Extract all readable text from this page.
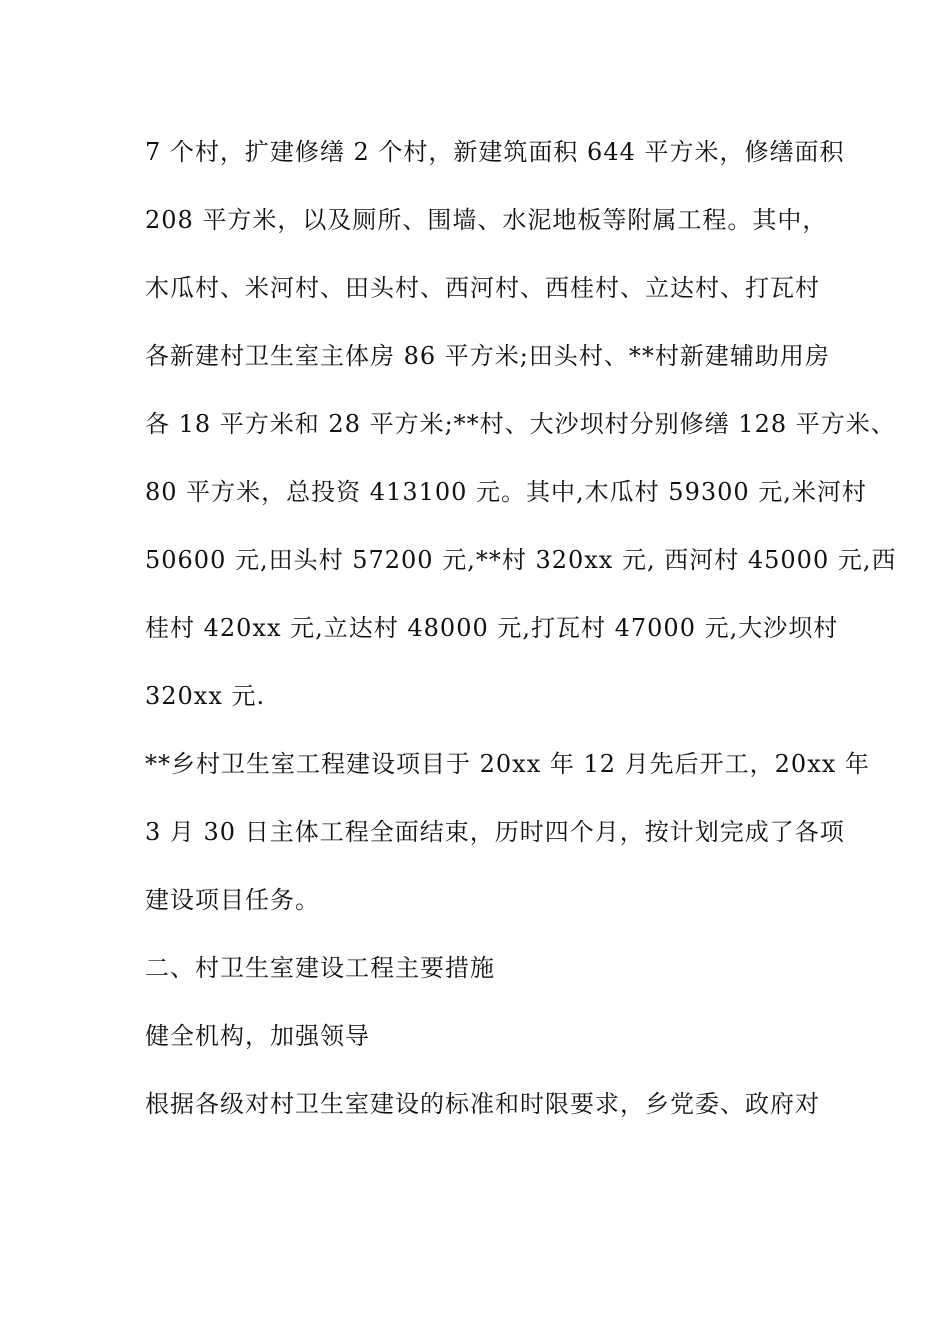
7 个村，扩建修缮 2 个村，新建筑面积 644 平方米，修缮面积
208 平方米，以及厕所、围墙、水泥地板等附属工程。其中，
木瓜村、米河村、田头村、西河村、西桂村、立达村、打瓦村
各新建村卫生室主体房 86 平方米;田头村、**村新建辅助用房
各 18 平方米和 28 平方米;**村、大沙坝村分别修缮 128 平方米、
80 平方米，总投资 413100 元。其中,木瓜村 59300 元,米河村
50600 元,田头村 57200 元,**村 320xx 元, 西河村 45000 元,西
桂村 420xx 元,立达村 48000 元,打瓦村 47000 元,大沙坝村
320xx 元.
**乡村卫生室工程建设项目于 20xx 年 12 月先后开工，20xx 年
3 月 30 日主体工程全面结束，历时四个月，按计划完成了各项
建设项目任务。
二、村卫生室建设工程主要措施
健全机构，加强领导
根据各级对村卫生室建设的标准和时限要求，乡党委、政府对
